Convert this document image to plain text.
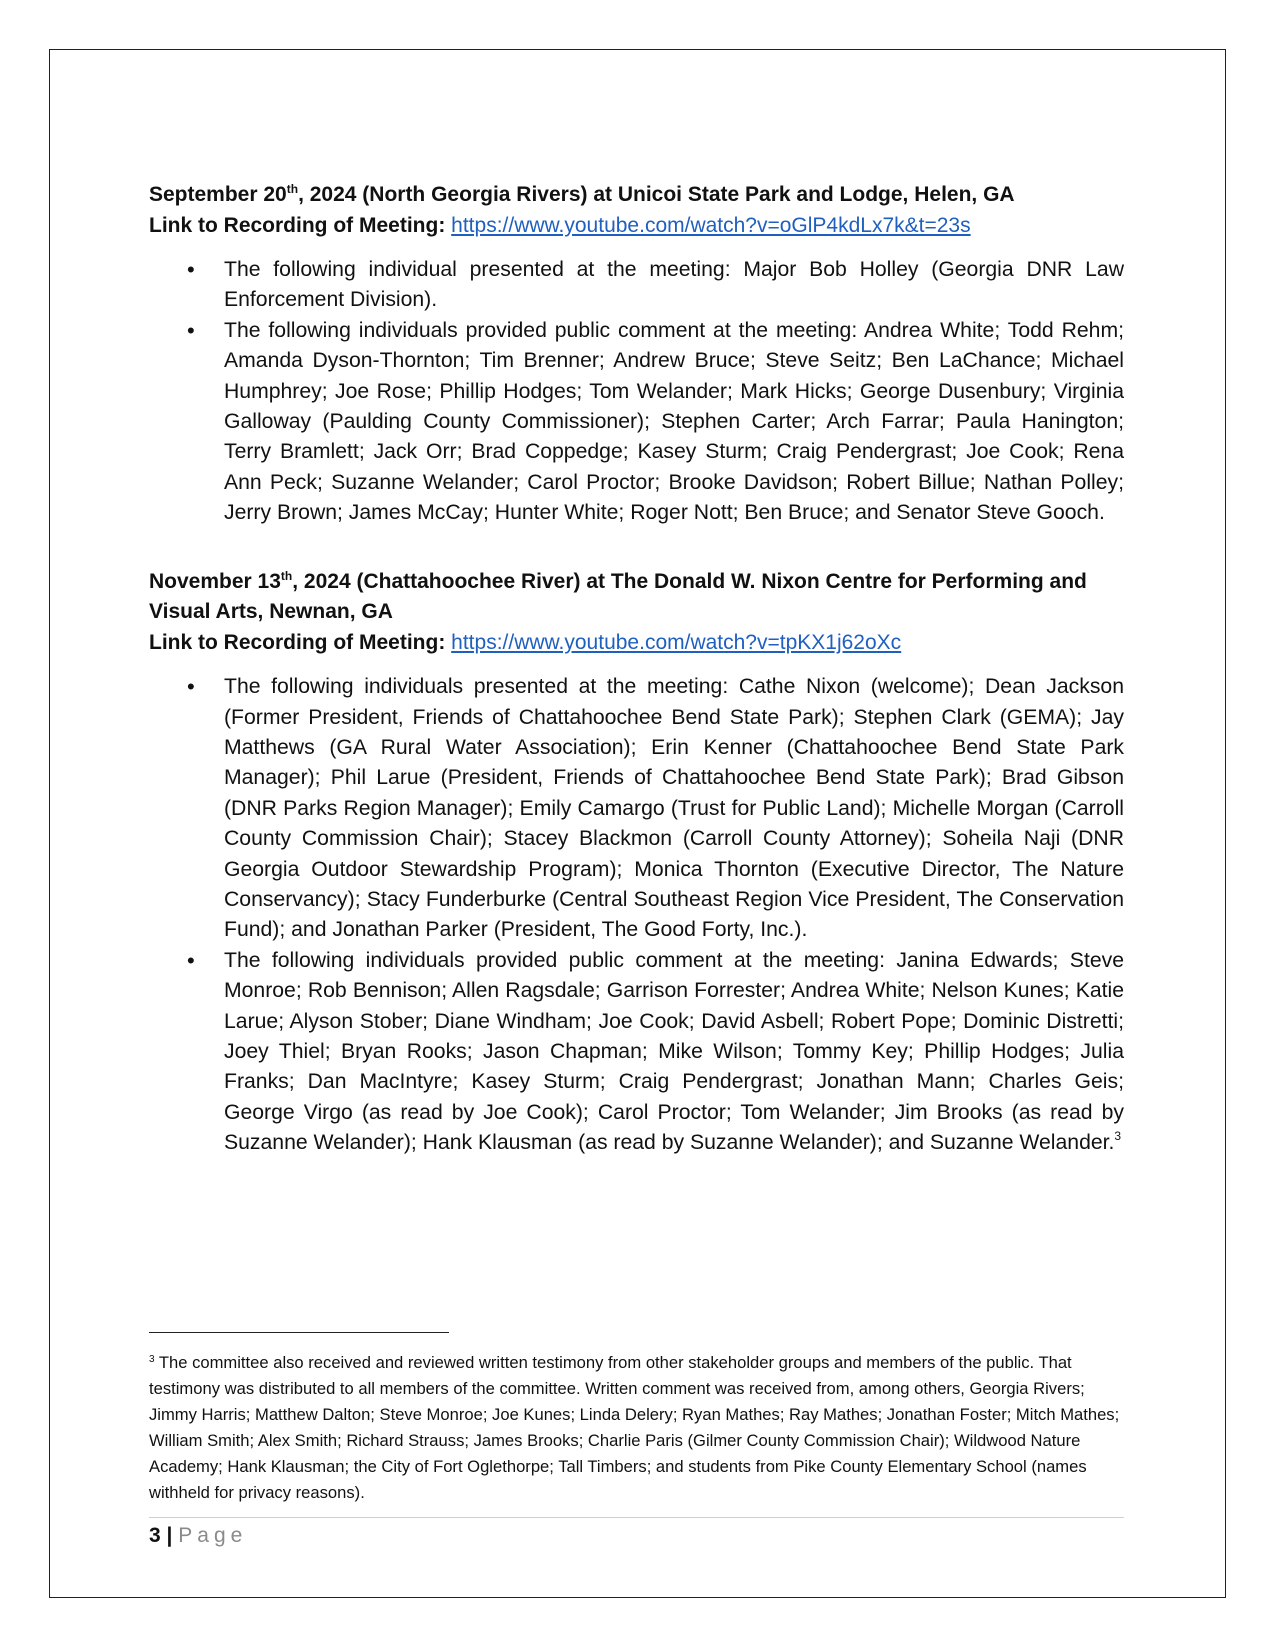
September 20th, 2024 (North Georgia Rivers) at Unicoi State Park and Lodge, Helen, GA

Link to Recording of Meeting: https://www.youtube.com/watch?v=oGlP4kdLx7k&t=23s

• The following individual presented at the meeting: Major Bob Holley (Georgia DNR Law Enforcement Division).
• The following individuals provided public comment at the meeting: Andrea White; Todd Rehm; Amanda Dyson-Thornton; Tim Brenner; Andrew Bruce; Steve Seitz; Ben LaChance; Michael Humphrey; Joe Rose; Phillip Hodges; Tom Welander; Mark Hicks; George Dusenbury; Virginia Galloway (Paulding County Commissioner); Stephen Carter; Arch Farrar; Paula Hanington; Terry Bramlett; Jack Orr; Brad Coppedge; Kasey Sturm; Craig Pendergrast; Joe Cook; Rena Ann Peck; Suzanne Welander; Carol Proctor; Brooke Davidson; Robert Billue; Nathan Polley; Jerry Brown; James McCay; Hunter White; Roger Nott; Ben Bruce; and Senator Steve Gooch.

November 13th, 2024 (Chattahoochee River) at The Donald W. Nixon Centre for Performing and Visual Arts, Newnan, GA

Link to Recording of Meeting: https://www.youtube.com/watch?v=tpKX1j62oXc

• The following individuals presented at the meeting: Cathe Nixon (welcome); Dean Jackson (Former President, Friends of Chattahoochee Bend State Park); Stephen Clark (GEMA); Jay Matthews (GA Rural Water Association); Erin Kenner (Chattahoochee Bend State Park Manager); Phil Larue (President, Friends of Chattahoochee Bend State Park); Brad Gibson (DNR Parks Region Manager); Emily Camargo (Trust for Public Land); Michelle Morgan (Carroll County Commission Chair); Stacey Blackmon (Carroll County Attorney); Soheila Naji (DNR Georgia Outdoor Stewardship Program); Monica Thornton (Executive Director, The Nature Conservancy); Stacy Funderburke (Central Southeast Region Vice President, The Conservation Fund); and Jonathan Parker (President, The Good Forty, Inc.).
• The following individuals provided public comment at the meeting: Janina Edwards; Steve Monroe; Rob Bennison; Allen Ragsdale; Garrison Forrester; Andrea White; Nelson Kunes; Katie Larue; Alyson Stober; Diane Windham; Joe Cook; David Asbell; Robert Pope; Dominic Distretti; Joey Thiel; Bryan Rooks; Jason Chapman; Mike Wilson; Tommy Key; Phillip Hodges; Julia Franks; Dan MacIntyre; Kasey Sturm; Craig Pendergrast; Jonathan Mann; Charles Geis; George Virgo (as read by Joe Cook); Carol Proctor; Tom Welander; Jim Brooks (as read by Suzanne Welander); Hank Klausman (as read by Suzanne Welander); and Suzanne Welander.$^3$

$^3$ The committee also received and reviewed written testimony from other stakeholder groups and members of the public. That testimony was distributed to all members of the committee. Written comment was received from, among others, Georgia Rivers; Jimmy Harris; Matthew Dalton; Steve Monroe; Joe Kunes; Linda Delery; Ryan Mathes; Ray Mathes; Jonathan Foster; Mitch Mathes; William Smith; Alex Smith; Richard Strauss; James Brooks; Charlie Paris (Gilmer County Commission Chair); Wildwood Nature Academy; Hank Klausman; the City of Fort Oglethorpe; Tall Timbers; and students from Pike County Elementary School (names withheld for privacy reasons).

3 | Page
